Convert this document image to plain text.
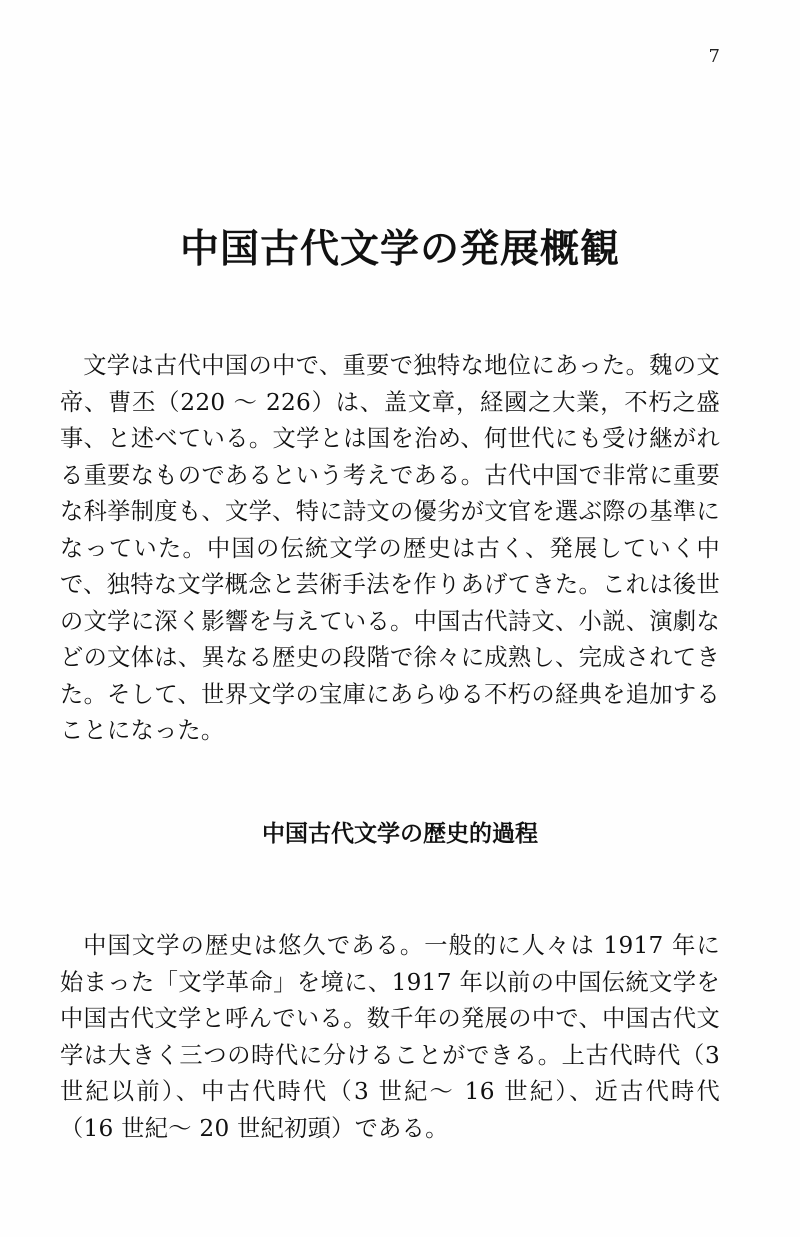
7
中国古代文学の発展概観

文学は古代中国の中で、重要で独特な地位にあった。魏の文帝、曹丕（220 ～ 226）は、盖文章，経國之大業，不朽之盛事、と述べている。文学とは国を治め、何世代にも受け継がれる重要なものであるという考えである。古代中国で非常に重要な科挙制度も、文学、特に詩文の優劣が文官を選ぶ際の基準になっていた。中国の伝統文学の歴史は古く、発展していく中で、独特な文学概念と芸術手法を作りあげてきた。これは後世の文学に深く影響を与えている。中国古代詩文、小説、演劇などの文体は、異なる歴史の段階で徐々に成熟し、完成されてきた。そして、世界文学の宝庫にあらゆる不朽の経典を追加することになった。

中国古代文学の歴史的過程

中国文学の歴史は悠久である。一般的に人々は 1917 年に始まった「文学革命」を境に、1917 年以前の中国伝統文学を中国古代文学と呼んでいる。数千年の発展の中で、中国古代文学は大きく三つの時代に分けることができる。上古代時代（3 世紀以前）、中古代時代（3 世紀～ 16 世紀）、近古代時代（16 世紀～ 20 世紀初頭）である。
